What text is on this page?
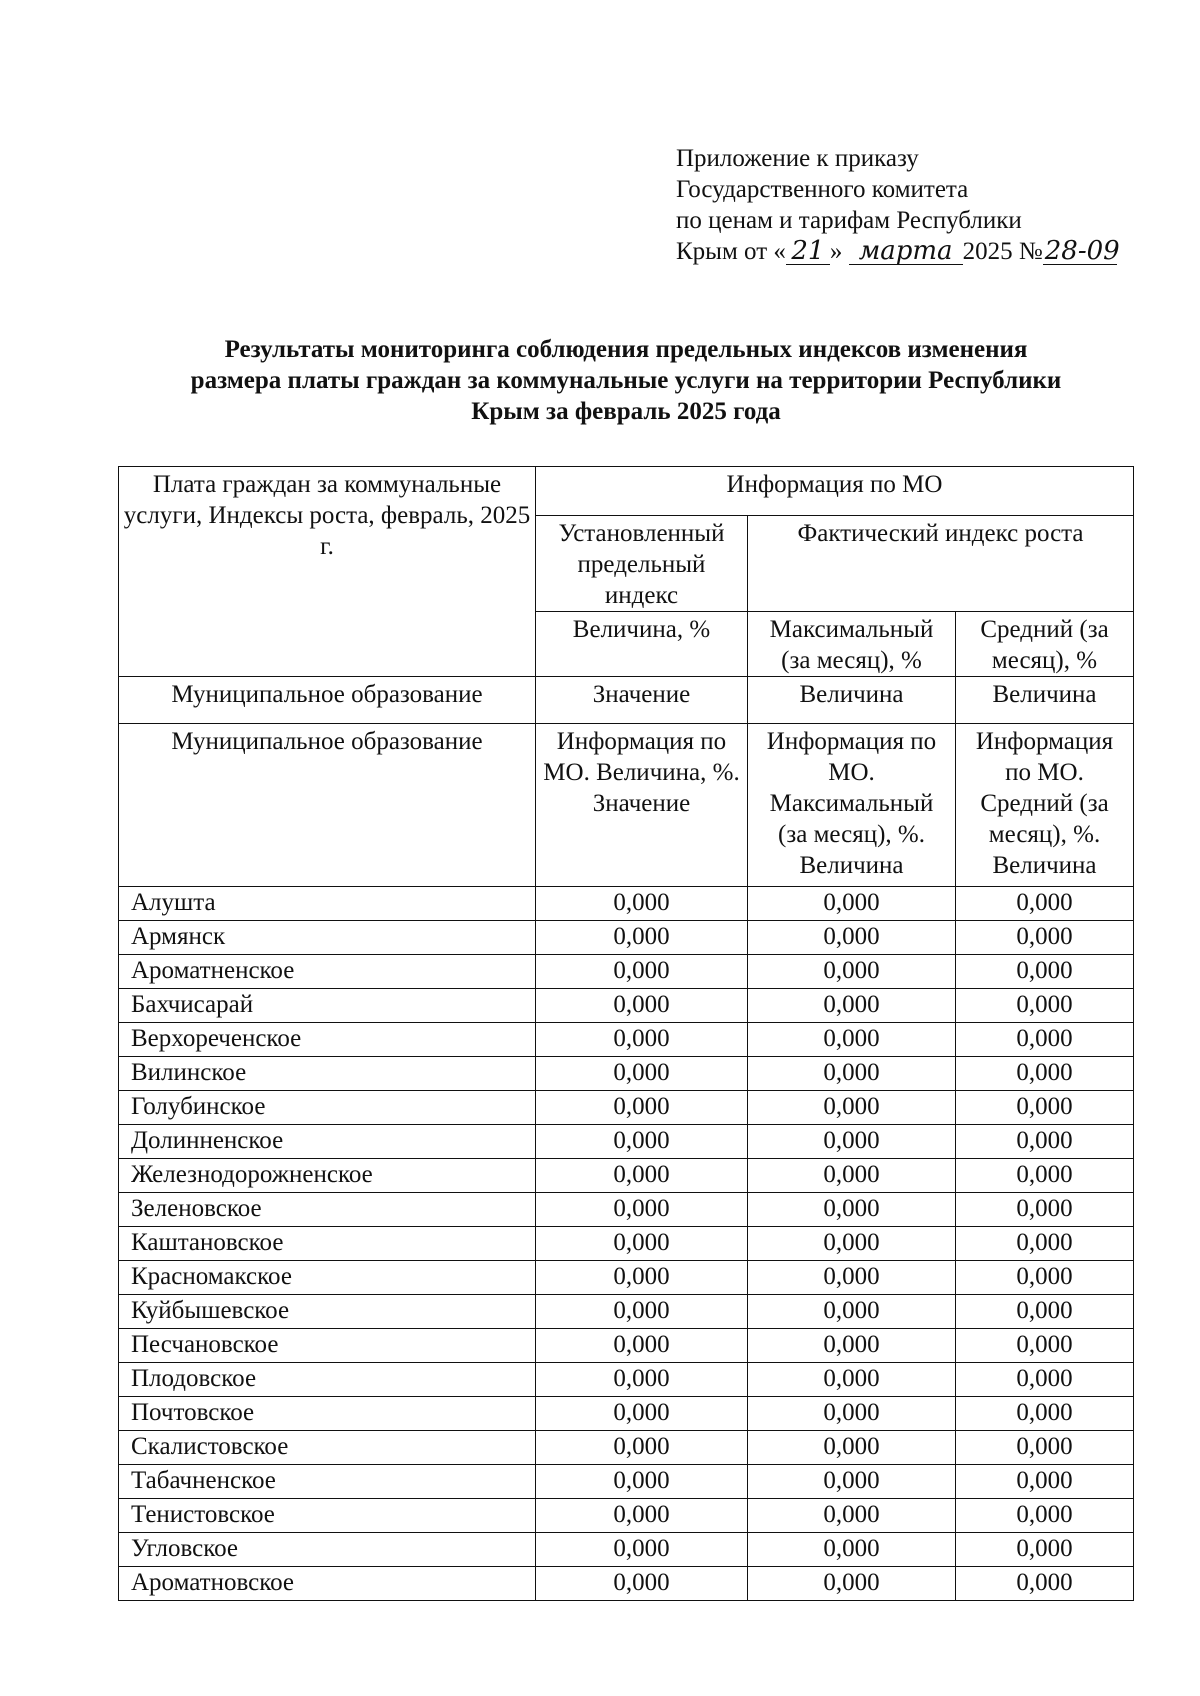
Приложение к приказу
Государственного комитета
по ценам и тарифам Республики
Крым от « 21 » марта 2025 №28-09
Результаты мониторинга соблюдения предельных индексов изменения
размера платы граждан за коммунальные услуги на территории Республики
Крым за февраль 2025 года
Плата граждан за коммунальные услуги, Индексы роста, февраль, 2025 г.	Информация по МО		
	Установленный предельный индекс	Фактический индекс роста	
	Величина, %	Максимальный (за месяц), %	Средний (за месяц), %
Муниципальное образование	Значение	Величина	Величина
Муниципальное образование	Информация по МО. Величина, %. Значение	Информация по МО. Максимальный (за месяц), %. Величина	Информация по МО. Средний (за месяц), %. Величина
Алушта	0,000	0,000	0,000
Армянск	0,000	0,000	0,000
Ароматненское	0,000	0,000	0,000
Бахчисарай	0,000	0,000	0,000
Верхореченское	0,000	0,000	0,000
Вилинское	0,000	0,000	0,000
Голубинское	0,000	0,000	0,000
Долинненское	0,000	0,000	0,000
Железнодорожненское	0,000	0,000	0,000
Зеленовское	0,000	0,000	0,000
Каштановское	0,000	0,000	0,000
Красномакское	0,000	0,000	0,000
Куйбышевское	0,000	0,000	0,000
Песчановское	0,000	0,000	0,000
Плодовское	0,000	0,000	0,000
Почтовское	0,000	0,000	0,000
Скалистовское	0,000	0,000	0,000
Табачненское	0,000	0,000	0,000
Тенистовское	0,000	0,000	0,000
Угловское	0,000	0,000	0,000
Ароматновское	0,000	0,000	0,000
